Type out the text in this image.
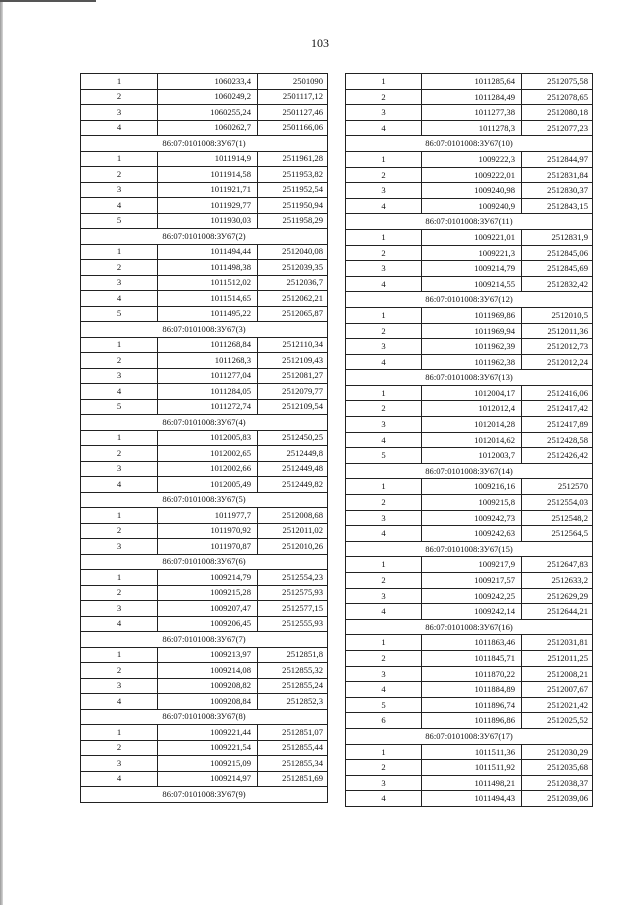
103
1	1060233,4	2501090
2	1060249,2	2501117,12
3	1060255,24	2501127,46
4	1060262,7	2501166,06
86:07:0101008:ЗУ67(1)		
1	1011914,9	2511961,28
2	1011914,58	2511953,82
3	1011921,71	2511952,54
4	1011929,77	2511950,94
5	1011930,03	2511958,29
86:07:0101008:ЗУ67(2)		
1	1011494,44	2512040,08
2	1011498,38	2512039,35
3	1011512,02	2512036,7
4	1011514,65	2512062,21
5	1011495,22	2512065,87
86:07:0101008:ЗУ67(3)		
1	1011268,84	2512110,34
2	1011268,3	2512109,43
3	1011277,04	2512081,27
4	1011284,05	2512079,77
5	1011272,74	2512109,54
86:07:0101008:ЗУ67(4)		
1	1012005,83	2512450,25
2	1012002,65	2512449,8
3	1012002,66	2512449,48
4	1012005,49	2512449,82
86:07:0101008:ЗУ67(5)		
1	1011977,7	2512008,68
2	1011970,92	2512011,02
3	1011970,87	2512010,26
86:07:0101008:ЗУ67(6)		
1	1009214,79	2512554,23
2	1009215,28	2512575,93
3	1009207,47	2512577,15
4	1009206,45	2512555,93
86:07:0101008:ЗУ67(7)		
1	1009213,97	2512851,8
2	1009214,08	2512855,32
3	1009208,82	2512855,24
4	1009208,84	2512852,3
86:07:0101008:ЗУ67(8)		
1	1009221,44	2512851,07
2	1009221,54	2512855,44
3	1009215,09	2512855,34
4	1009214,97	2512851,69
86:07:0101008:ЗУ67(9)		
1	1011285,64	2512075,58
2	1011284,49	2512078,65
3	1011277,38	2512080,18
4	1011278,3	2512077,23
86:07:0101008:ЗУ67(10)		
1	1009222,3	2512844,97
2	1009222,01	2512831,84
3	1009240,98	2512830,37
4	1009240,9	2512843,15
86:07:0101008:ЗУ67(11)		
1	1009221,01	2512831,9
2	1009221,3	2512845,06
3	1009214,79	2512845,69
4	1009214,55	2512832,42
86:07:0101008:ЗУ67(12)		
1	1011969,86	2512010,5
2	1011969,94	2512011,36
3	1011962,39	2512012,73
4	1011962,38	2512012,24
86:07:0101008:ЗУ67(13)		
1	1012004,17	2512416,06
2	1012012,4	2512417,42
3	1012014,28	2512417,89
4	1012014,62	2512428,58
5	1012003,7	2512426,42
86:07:0101008:ЗУ67(14)		
1	1009216,16	2512570
2	1009215,8	2512554,03
3	1009242,73	2512548,2
4	1009242,63	2512564,5
86:07:0101008:ЗУ67(15)		
1	1009217,9	2512647,83
2	1009217,57	2512633,2
3	1009242,25	2512629,29
4	1009242,14	2512644,21
86:07:0101008:ЗУ67(16)		
1	1011863,46	2512031,81
2	1011845,71	2512011,25
3	1011870,22	2512008,21
4	1011884,89	2512007,67
5	1011896,74	2512021,42
6	1011896,86	2512025,52
86:07:0101008:ЗУ67(17)		
1	1011511,36	2512030,29
2	1011511,92	2512035,68
3	1011498,21	2512038,37
4	1011494,43	2512039,06
